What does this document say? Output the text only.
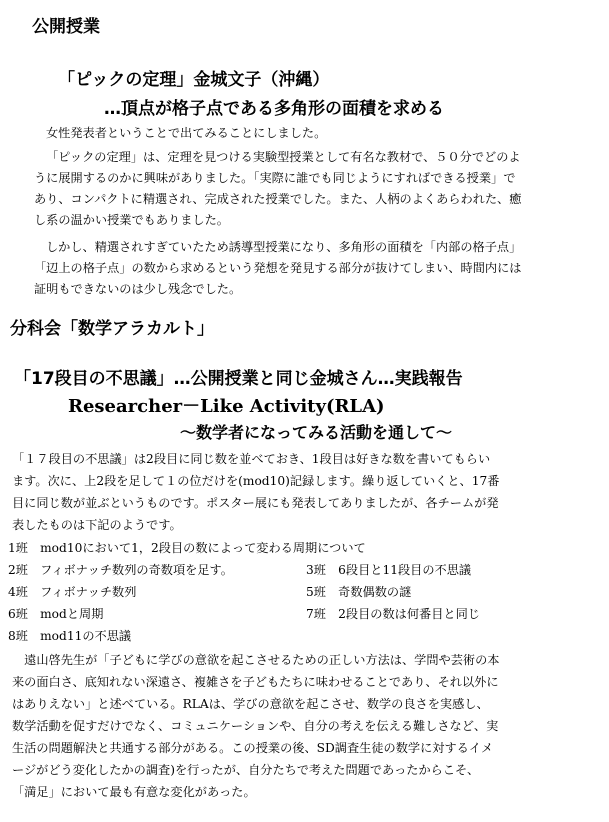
公開授業
「ピックの定理」金城文子（沖縄）
…頂点が格子点である多角形の面積を求める
女性発表者ということで出てみることにしました。
「ピックの定理」は、定理を見つける実験型授業として有名な教材で、５０分でどのよ
うに展開するのかに興味がありました。「実際に誰でも同じようにすればできる授業」で
あり、コンパクトに精選され、完成された授業でした。また、人柄のよくあらわれた、癒
し系の温かい授業でもありました。
しかし、精選されすぎていたため誘導型授業になり、多角形の面積を「内部の格子点」
「辺上の格子点」の数から求めるという発想を発見する部分が抜けてしまい、時間内には
証明もできないのは少し残念でした。
分科会「数学アラカルト」
「17段目の不思議」…公開授業と同じ金城さん…実践報告
Researcher－Like Activity(RLA)
～数学者になってみる活動を通して～
「１７段目の不思議」は2段目に同じ数を並べておき、1段目は好きな数を書いてもらい
ます。次に、上2段を足して１の位だけを(mod10)記録します。繰り返していくと、17番
目に同じ数が並ぶというものです。ポスター展にも発表してありましたが、各チームが発
表したものは下記のようです。
1班　mod10において1，2段目の数によって変わる周期について
2班　フィボナッチ数列の奇数項を足す。	3班　6段目と11段目の不思議
4班　フィボナッチ数列	5班　奇数偶数の謎
6班　modと周期	7班　2段目の数は何番目と同じ
8班　mod11の不思議
　遠山啓先生が「子どもに学びの意欲を起こさせるための正しい方法は、学問や芸術の本
来の面白さ、底知れない深遠さ、複雑さを子どもたちに味わせることであり、それ以外に
はありえない」と述べている。RLAは、学びの意欲を起こさせ、数学の良さを実感し、
数学活動を促すだけでなく、コミュニケーションや、自分の考えを伝える難しさなど、実
生活の問題解決と共通する部分がある。この授業の後、SD調査生徒の数学に対するイメ
ージがどう変化したかの調査)を行ったが、自分たちで考えた問題であったからこそ、
「満足」において最も有意な変化があった。
